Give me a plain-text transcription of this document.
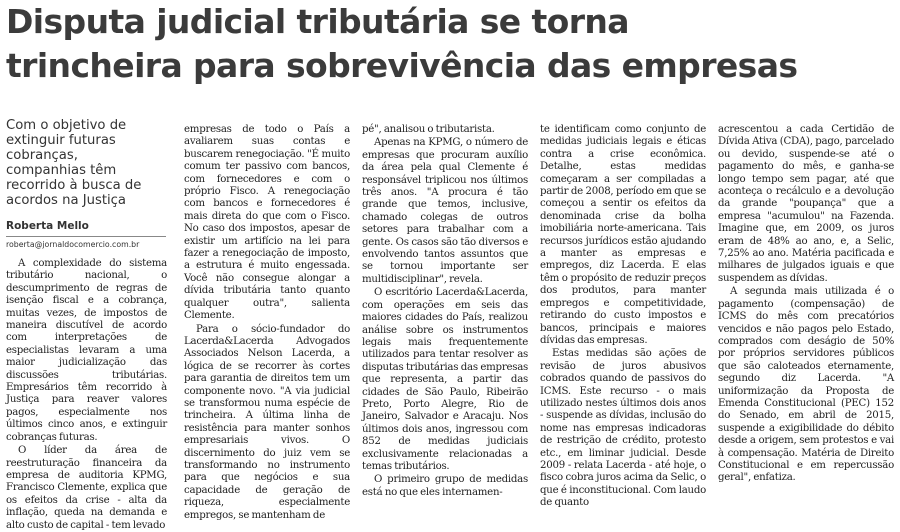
Disputa judicial tributária se torna
trincheira para sobrevivência das empresas
Com o objetivo de extinguir futuras cobranças, companhias têm recorrido à busca de acordos na Justiça
Roberta Mello
roberta@jornaldocomercio.com.br

A complexidade do sistema tributário nacional, o descumprimento de regras de isenção fiscal e a cobrança, muitas vezes, de impostos de maneira discutível de acordo com interpretações de especialistas levaram a uma maior judicialização das discussões tributárias. Empresários têm recorrido à Justiça para reaver valores pagos, especialmente nos últimos cinco anos, e extinguir cobranças futuras.

O líder da área de reestruturação financeira da empresa de auditoria KPMG, Francisco Clemente, explica que os efeitos da crise - alta da inflação, queda na demanda e alto custo de capital - tem levado

empresas de todo o País a avaliarem suas contas e buscarem renegociação. "É muito comum ter passivo com bancos, com fornecedores e com o próprio Fisco. A renegociação com bancos e fornecedores é mais direta do que com o Fisco. No caso dos impostos, apesar de existir um artifício na lei para fazer a renegociação de imposto, a estrutura é muito engessada. Você não consegue alongar a dívida tributária tanto quanto qualquer outra", salienta Clemente.

Para o sócio-fundador do Lacerda&Lacerda Advogados Associados Nelson Lacerda, a lógica de se recorrer às cortes para garantia de direitos tem um componente novo. "A via judicial se transformou numa espécie de trincheira. A última linha de resistência para manter sonhos empresariais vivos. O discernimento do juiz vem se transformando no instrumento para que negócios e sua capacidade de geração de riqueza, especialmente empregos, se mantenham de

pé", analisou o tributarista.

Apenas na KPMG, o número de empresas que procuram auxílio da área pela qual Clemente é responsável triplicou nos últimos três anos. "A procura é tão grande que temos, inclusive, chamado colegas de outros setores para trabalhar com a gente. Os casos são tão diversos e envolvendo tantos assuntos que se tornou importante ser multidisciplinar", revela.

O escritório Lacerda&Lacerda, com operações em seis das maiores cidades do País, realizou análise sobre os instrumentos legais mais frequentemente utilizados para tentar resolver as disputas tributárias das empresas que representa, a partir das cidades de São Paulo, Ribeirão Preto, Porto Alegre, Rio de Janeiro, Salvador e Aracaju. Nos últimos dois anos, ingressou com 852 de medidas judiciais exclusivamente relacionadas a temas tributários.

O primeiro grupo de medidas está no que eles internamen-

te identificam como conjunto de medidas judiciais legais e éticas contra a crise econômica. Detalhe, estas medidas começaram a ser compiladas a partir de 2008, período em que se começou a sentir os efeitos da denominada crise da bolha imobiliária norte-americana. Tais recursos jurídicos estão ajudando a manter as empresas e empregos, diz Lacerda. E elas têm o propósito de reduzir preços dos produtos, para manter empregos e competitividade, retirando do custo impostos e bancos, principais e maiores dívidas das empresas.

Estas medidas são ações de revisão de juros abusivos cobrados quando de passivos do ICMS. Este recurso - o mais utilizado nestes últimos dois anos - suspende as dívidas, inclusão do nome nas empresas indicadoras de restrição de crédito, protesto etc., em liminar judicial. Desde 2009 - relata Lacerda - até hoje, o fisco cobra juros acima da Selic, o que é inconstitucional. Com laudo de quanto

acrescentou a cada Certidão de Dívida Ativa (CDA), pago, parcelado ou devido, suspende-se até o pagamento do mês, e ganha-se longo tempo sem pagar, até que aconteça o recálculo e a devolução da grande "poupança" que a empresa "acumulou" na Fazenda. Imagine que, em 2009, os juros eram de 48% ao ano, e, a Selic, 7,25% ao ano. Matéria pacificada e milhares de julgados iguais e que suspendem as dívidas.

A segunda mais utilizada é o pagamento (compensação) de ICMS do mês com precatórios vencidos e não pagos pelo Estado, comprados com deságio de 50% por próprios servidores públicos que são caloteados eternamente, segundo diz Lacerda. "A uniformização da Proposta de Emenda Constitucional (PEC) 152 do Senado, em abril de 2015, suspende a exigibilidade do débito desde a origem, sem protestos e vai à compensação. Matéria de Direito Constitucional e em repercussão geral", enfatiza.
